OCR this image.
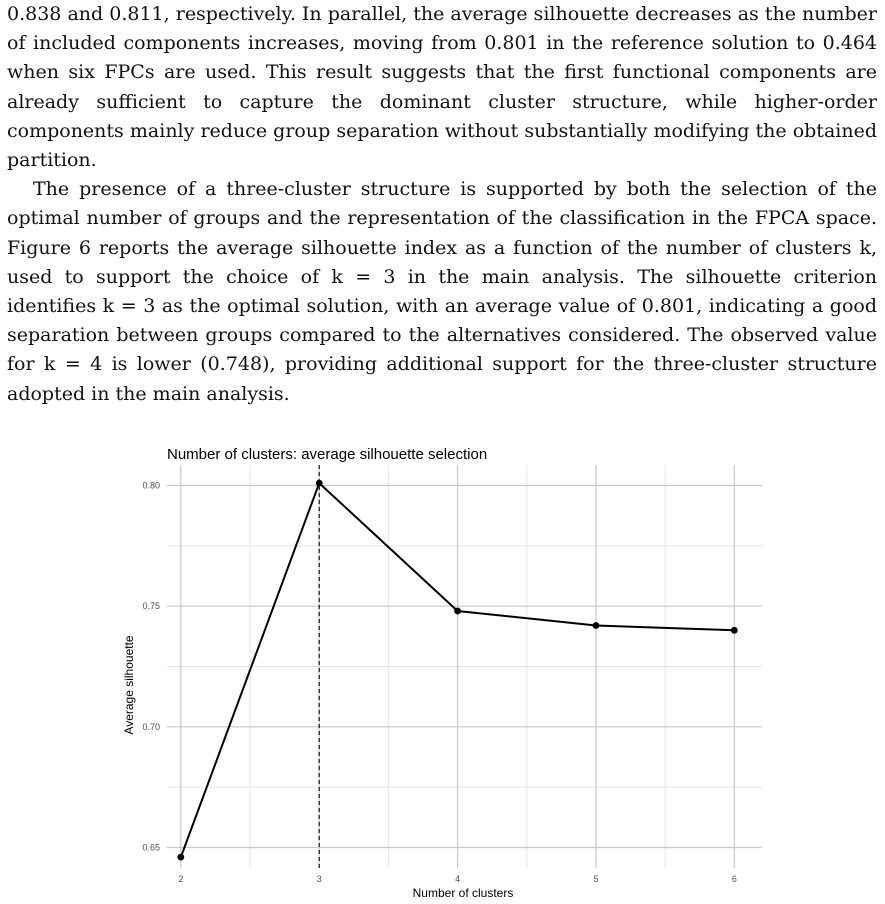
0.838 and 0.811, respectively. In parallel, the average silhouette decreases as the number of included components increases, moving from 0.801 in the reference solution to 0.464 when six FPCs are used. This result suggests that the first functional components are already sufficient to capture the dominant cluster structure, while higher-order components mainly reduce group separation without substantially modifying the obtained partition.

The presence of a three-cluster structure is supported by both the selection of the optimal number of groups and the representation of the classification in the FPCA space. Figure 6 reports the average silhouette index as a function of the number of clusters k, used to support the choice of k = 3 in the main analysis. The silhouette criterion identifies k = 3 as the optimal solution, with an average value of 0.801, indicating a good separation between groups compared to the alternatives considered. The observed value for k = 4 is lower (0.748), providing additional support for the three-cluster structure adopted in the main analysis.

Number of clusters: average silhouette selection
0.65
0.70
0.75
0.80
2	3	4	5	6
Number of clusters
Average silhouette
